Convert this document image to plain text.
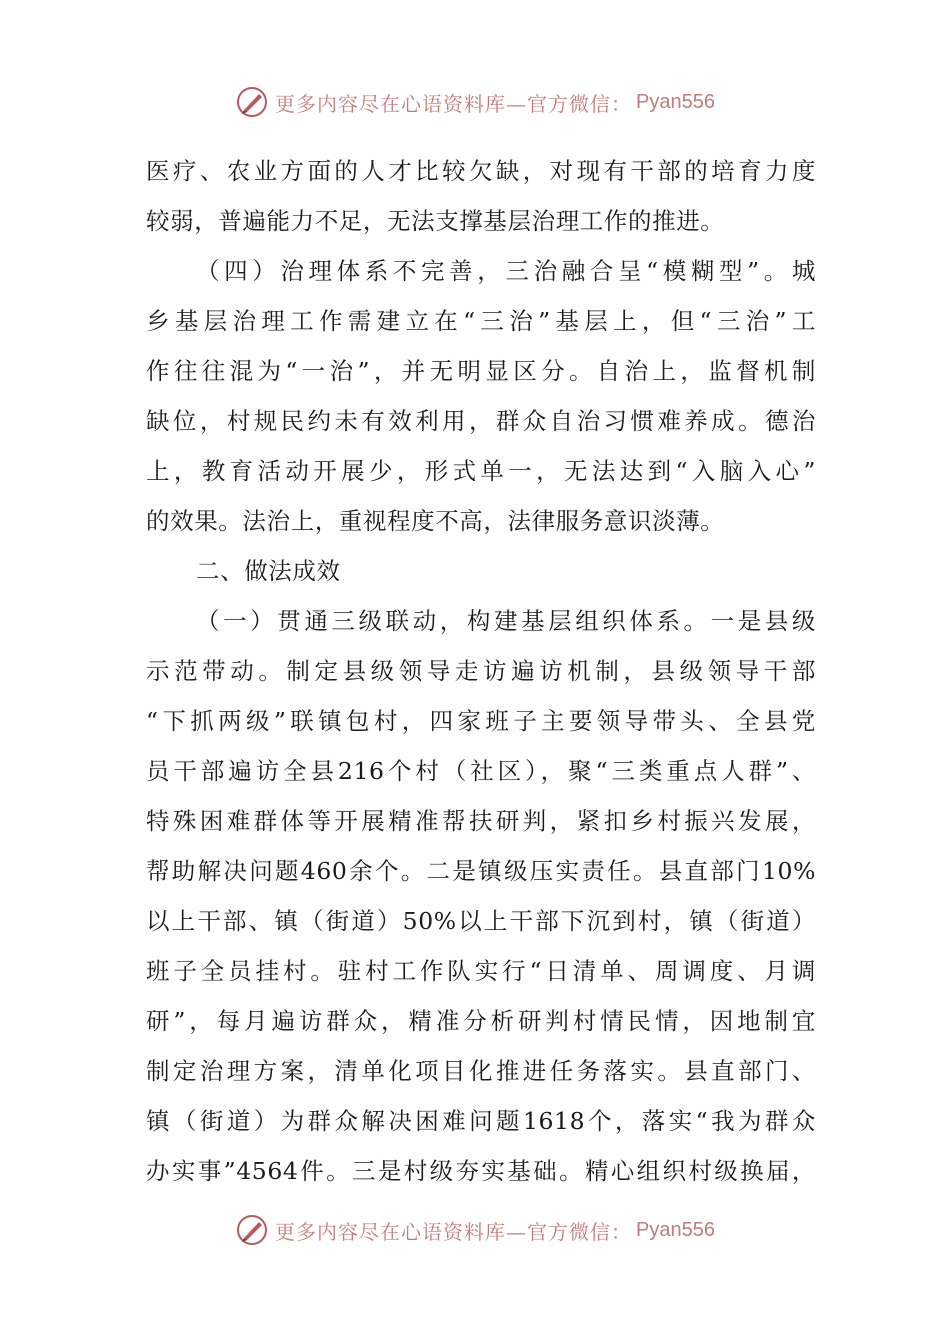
更多内容尽在心语资料库—官方微信： Pyan556
医疗、农业方面的人才比较欠缺，对现有干部的培育力度
较弱，普遍能力不足，无法支撑基层治理工作的推进。
（四）治理体系不完善，三治融合呈“模糊型”。城
乡基层治理工作需建立在“三治”基层上，但“三治”工
作往往混为“一治”，并无明显区分。自治上，监督机制
缺位，村规民约未有效利用，群众自治习惯难养成。德治
上，教育活动开展少，形式单一，无法达到“入脑入心”
的效果。法治上，重视程度不高，法律服务意识淡薄。
二、做法成效
（一）贯通三级联动，构建基层组织体系。一是县级
示范带动。制定县级领导走访遍访机制，县级领导干部
“下抓两级”联镇包村，四家班子主要领导带头、全县党
员干部遍访全县216个村（社区），聚“三类重点人群”、
特殊困难群体等开展精准帮扶研判，紧扣乡村振兴发展，
帮助解决问题460余个。二是镇级压实责任。县直部门10%
以上干部、镇（街道）50%以上干部下沉到村，镇（街道）
班子全员挂村。驻村工作队实行“日清单、周调度、月调
研”，每月遍访群众，精准分析研判村情民情，因地制宜
制定治理方案，清单化项目化推进任务落实。县直部门、
镇（街道）为群众解决困难问题1618个，落实“我为群众
办实事”4564件。三是村级夯实基础。精心组织村级换届，
更多内容尽在心语资料库—官方微信： Pyan556
